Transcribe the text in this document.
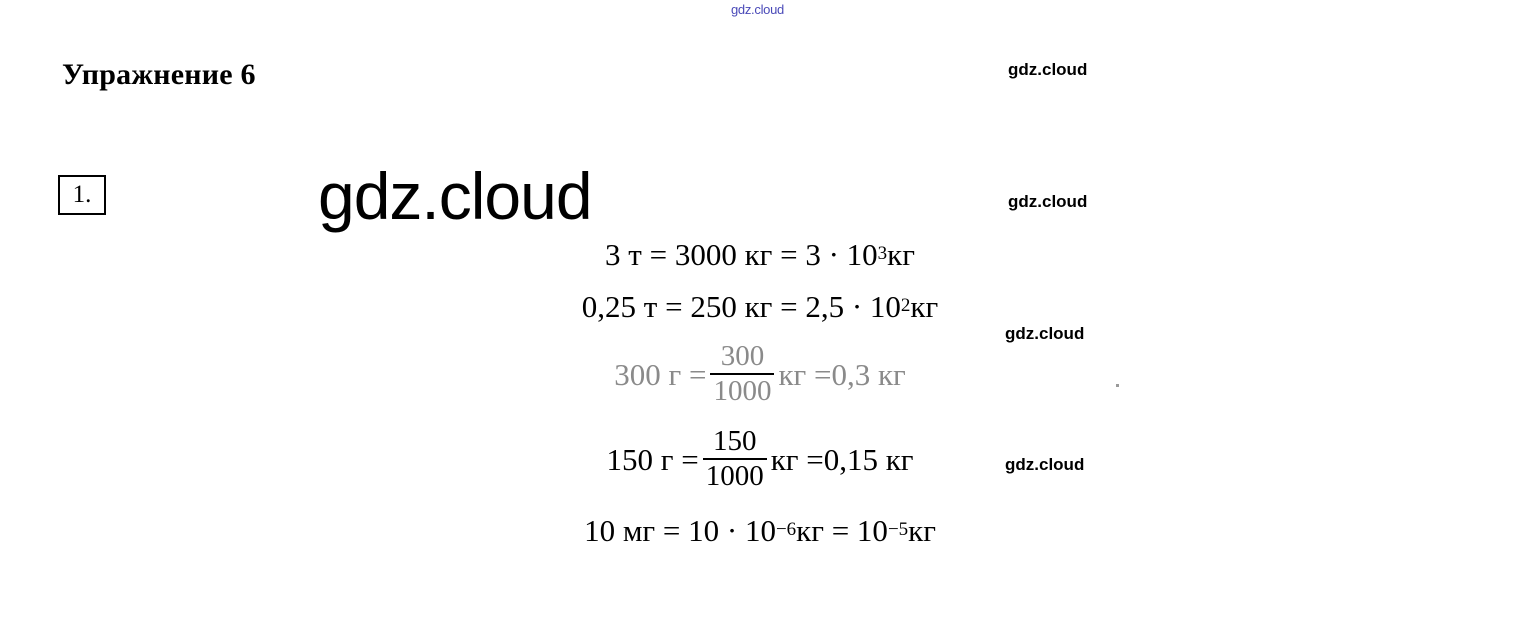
gdz.cloud
gdz.cloud
gdz.cloud
gdz.cloud
gdz.cloud
gdz.cloud
Упражнение 6
1.
3 т = 3000 кг = 3 · 10 3 кг
0,25 т = 250 кг = 2,5 · 10 2 кг
300 $г = \frac{300}{1000}$ кг = 0,3 кг
150 $г = \frac{150}{1000}$ кг = 0,15 кг
10 мг = 10 · 10 −6 кг = 10 −5 кг
